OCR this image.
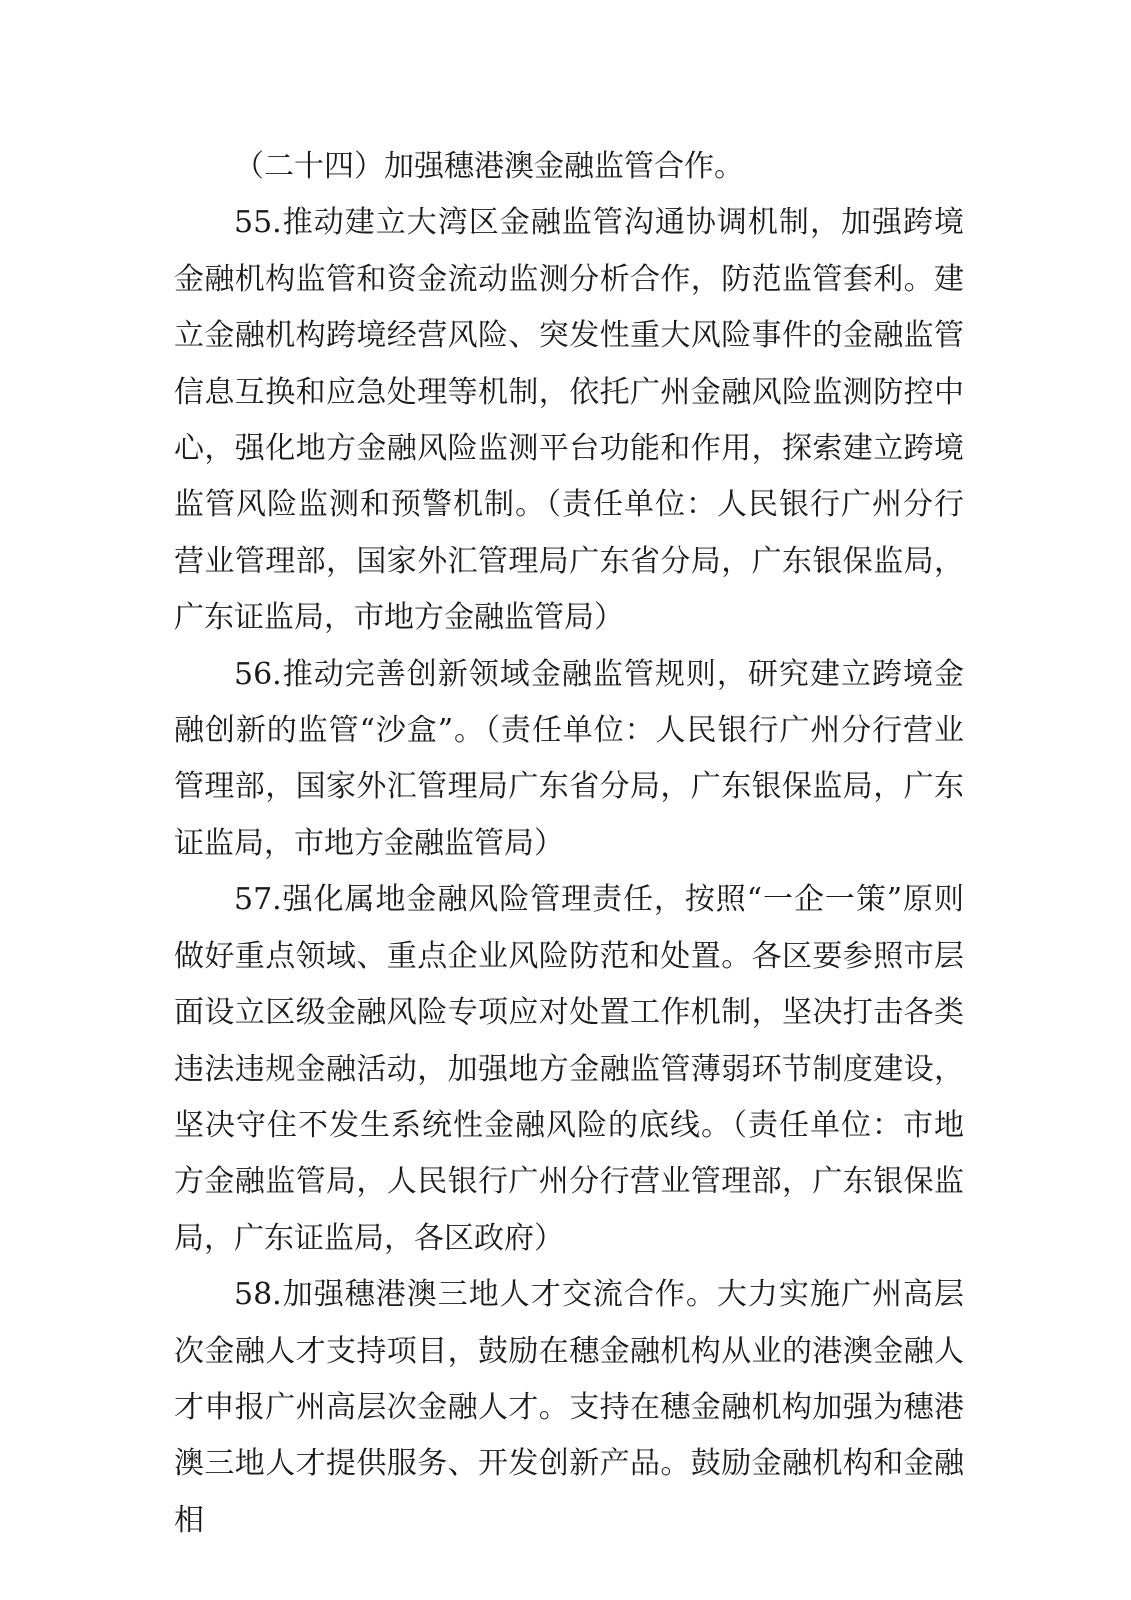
（二十四）加强穗港澳金融监管合作。

55.推动建立大湾区金融监管沟通协调机制，加强跨境金融机构监管和资金流动监测分析合作，防范监管套利。建立金融机构跨境经营风险、突发性重大风险事件的金融监管信息互换和应急处理等机制，依托广州金融风险监测防控中心，强化地方金融风险监测平台功能和作用，探索建立跨境监管风险监测和预警机制。（责任单位：人民银行广州分行营业管理部，国家外汇管理局广东省分局，广东银保监局，广东证监局，市地方金融监管局）

56.推动完善创新领域金融监管规则，研究建立跨境金融创新的监管“沙盒”。（责任单位：人民银行广州分行营业管理部，国家外汇管理局广东省分局，广东银保监局，广东证监局，市地方金融监管局）

57.强化属地金融风险管理责任，按照“一企一策”原则做好重点领域、重点企业风险防范和处置。各区要参照市层面设立区级金融风险专项应对处置工作机制，坚决打击各类违法违规金融活动，加强地方金融监管薄弱环节制度建设，坚决守住不发生系统性金融风险的底线。（责任单位：市地方金融监管局，人民银行广州分行营业管理部，广东银保监局，广东证监局，各区政府）

58.加强穗港澳三地人才交流合作。大力实施广州高层次金融人才支持项目，鼓励在穗金融机构从业的港澳金融人才申报广州高层次金融人才。支持在穗金融机构加强为穗港澳三地人才提供服务、开发创新产品。鼓励金融机构和金融相
